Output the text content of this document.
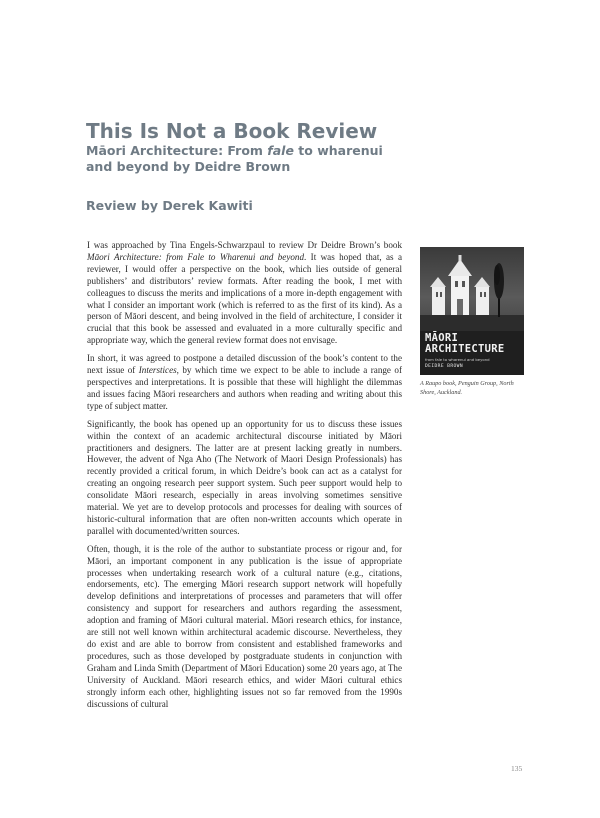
This Is Not a Book Review
Māori Architecture: From fale to wharenui
and beyond by Deidre Brown
Review by Derek Kawiti

I was approached by Tina Engels-Schwarzpaul to review Dr Deidre Brown’s book Māori Architecture: from Fale to Wharenui and beyond. It was hoped that, as a reviewer, I would offer a perspective on the book, which lies outside of general publishers’ and distributors’ review formats. After reading the book, I met with colleagues to discuss the merits and implications of a more in-depth engagement with what I consider an important work (which is referred to as the first of its kind). As a person of Māori descent, and being involved in the field of architecture, I consider it crucial that this book be assessed and evaluated in a more culturally specific and appropriate way, which the general review format does not envisage.

In short, it was agreed to postpone a detailed discussion of the book’s content to the next issue of Interstices, by which time we expect to be able to include a range of perspectives and interpretations. It is possible that these will highlight the dilemmas and issues facing Māori researchers and authors when reading and writing about this type of subject matter.

Significantly, the book has opened up an opportunity for us to discuss these issues within the context of an academic architectural discourse initiated by Māori practitioners and designers. The latter are at present lacking greatly in numbers. However, the advent of Nga Aho (The Network of Maori Design Professionals) has recently provided a critical forum, in which Deidre’s book can act as a catalyst for creating an ongoing research peer support system. Such peer support would help to consolidate Māori research, especially in areas involving sometimes sensitive material. We yet are to develop protocols and processes for dealing with sources of historic-cultural information that are often non-written accounts which operate in parallel with documented/written sources.

Often, though, it is the role of the author to substantiate process or rigour and, for Māori, an important component in any publication is the issue of appropriate processes when undertaking research work of a cultural nature (e.g., citations, endorsements, etc). The emerging Māori research support network will hopefully develop definitions and interpretations of processes and parameters that will offer consistency and support for researchers and authors regarding the assessment, adoption and framing of Māori cultural material. Māori research ethics, for instance, are still not well known within architectural academic discourse. Nevertheless, they do exist and are able to borrow from consistent and established frameworks and procedures, such as those developed by postgraduate students in conjunction with Graham and Linda Smith (Department of Māori Education) some 20 years ago, at The University of Auckland. Māori research ethics, and wider Māori cultural ethics strongly inform each other, highlighting issues not so far removed from the 1990s discussions of cultural

MĀORI
ARCHITECTURE
from fale to wharenui and beyond
DEIDRE BROWN
A Raupo book, Penguin Group, North Shore, Auckland.
135
